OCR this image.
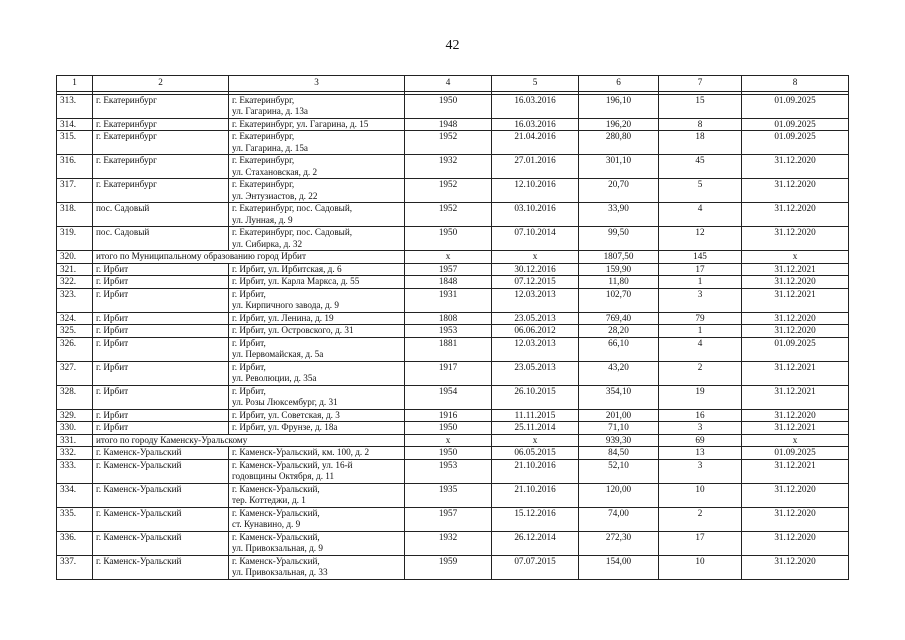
42
1	2	3	4	5	6	7	8

313.	г. Екатеринбург	г. Екатеринбург,
ул. Гагарина, д. 13а	1950	16.03.2016	196,10	15	01.09.2025
314.	г. Екатеринбург	г. Екатеринбург, ул. Гагарина, д. 15	1948	16.03.2016	196,20	8	01.09.2025
315.	г. Екатеринбург	г. Екатеринбург,
ул. Гагарина, д. 15а	1952	21.04.2016	280,80	18	01.09.2025
316.	г. Екатеринбург	г. Екатеринбург,
ул. Стахановская, д. 2	1932	27.01.2016	301,10	45	31.12.2020
317.	г. Екатеринбург	г. Екатеринбург,
ул. Энтузиастов, д. 22	1952	12.10.2016	20,70	5	31.12.2020
318.	пос. Садовый	г. Екатеринбург, пос. Садовый,
ул. Лунная, д. 9	1952	03.10.2016	33,90	4	31.12.2020
319.	пос. Садовый	г. Екатеринбург, пос. Садовый,
ул. Сибирка, д. 32	1950	07.10.2014	99,50	12	31.12.2020
320.	итого по Муниципальному образованию город Ирбит		х	х	1807,50	145	х
321.	г. Ирбит	г. Ирбит, ул. Ирбитская, д. 6	1957	30.12.2016	159,90	17	31.12.2021
322.	г. Ирбит	г. Ирбит, ул. Карла Маркса, д. 55	1848	07.12.2015	11,80	1	31.12.2020
323.	г. Ирбит	г. Ирбит,
ул. Кирпичного завода, д. 9	1931	12.03.2013	102,70	3	31.12.2021
324.	г. Ирбит	г. Ирбит, ул. Ленина, д. 19	1808	23.05.2013	769,40	79	31.12.2020
325.	г. Ирбит	г. Ирбит, ул. Островского, д. 31	1953	06.06.2012	28,20	1	31.12.2020
326.	г. Ирбит	г. Ирбит,
ул. Первомайская, д. 5а	1881	12.03.2013	66,10	4	01.09.2025
327.	г. Ирбит	г. Ирбит,
ул. Революции, д. 35а	1917	23.05.2013	43,20	2	31.12.2021
328.	г. Ирбит	г. Ирбит,
ул. Розы Люксембург, д. 31	1954	26.10.2015	354,10	19	31.12.2021
329.	г. Ирбит	г. Ирбит, ул. Советская, д. 3	1916	11.11.2015	201,00	16	31.12.2020
330.	г. Ирбит	г. Ирбит, ул. Фрунзе, д. 18а	1950	25.11.2014	71,10	3	31.12.2021
331.	итого по городу Каменску-Уральскому		х	х	939,30	69	х
332.	г. Каменск-Уральский	г. Каменск-Уральский, км. 100, д. 2	1950	06.05.2015	84,50	13	01.09.2025
333.	г. Каменск-Уральский	г. Каменск-Уральский, ул. 16-й
годовщины Октября, д. 11	1953	21.10.2016	52,10	3	31.12.2021
334.	г. Каменск-Уральский	г. Каменск-Уральский,
тер. Коттеджи, д. 1	1935	21.10.2016	120,00	10	31.12.2020
335.	г. Каменск-Уральский	г. Каменск-Уральский,
ст. Кунавино, д. 9	1957	15.12.2016	74,00	2	31.12.2020
336.	г. Каменск-Уральский	г. Каменск-Уральский,
ул. Привокзальная, д. 9	1932	26.12.2014	272,30	17	31.12.2020
337.	г. Каменск-Уральский	г. Каменск-Уральский,
ул. Привокзальная, д. 33	1959	07.07.2015	154,00	10	31.12.2020
